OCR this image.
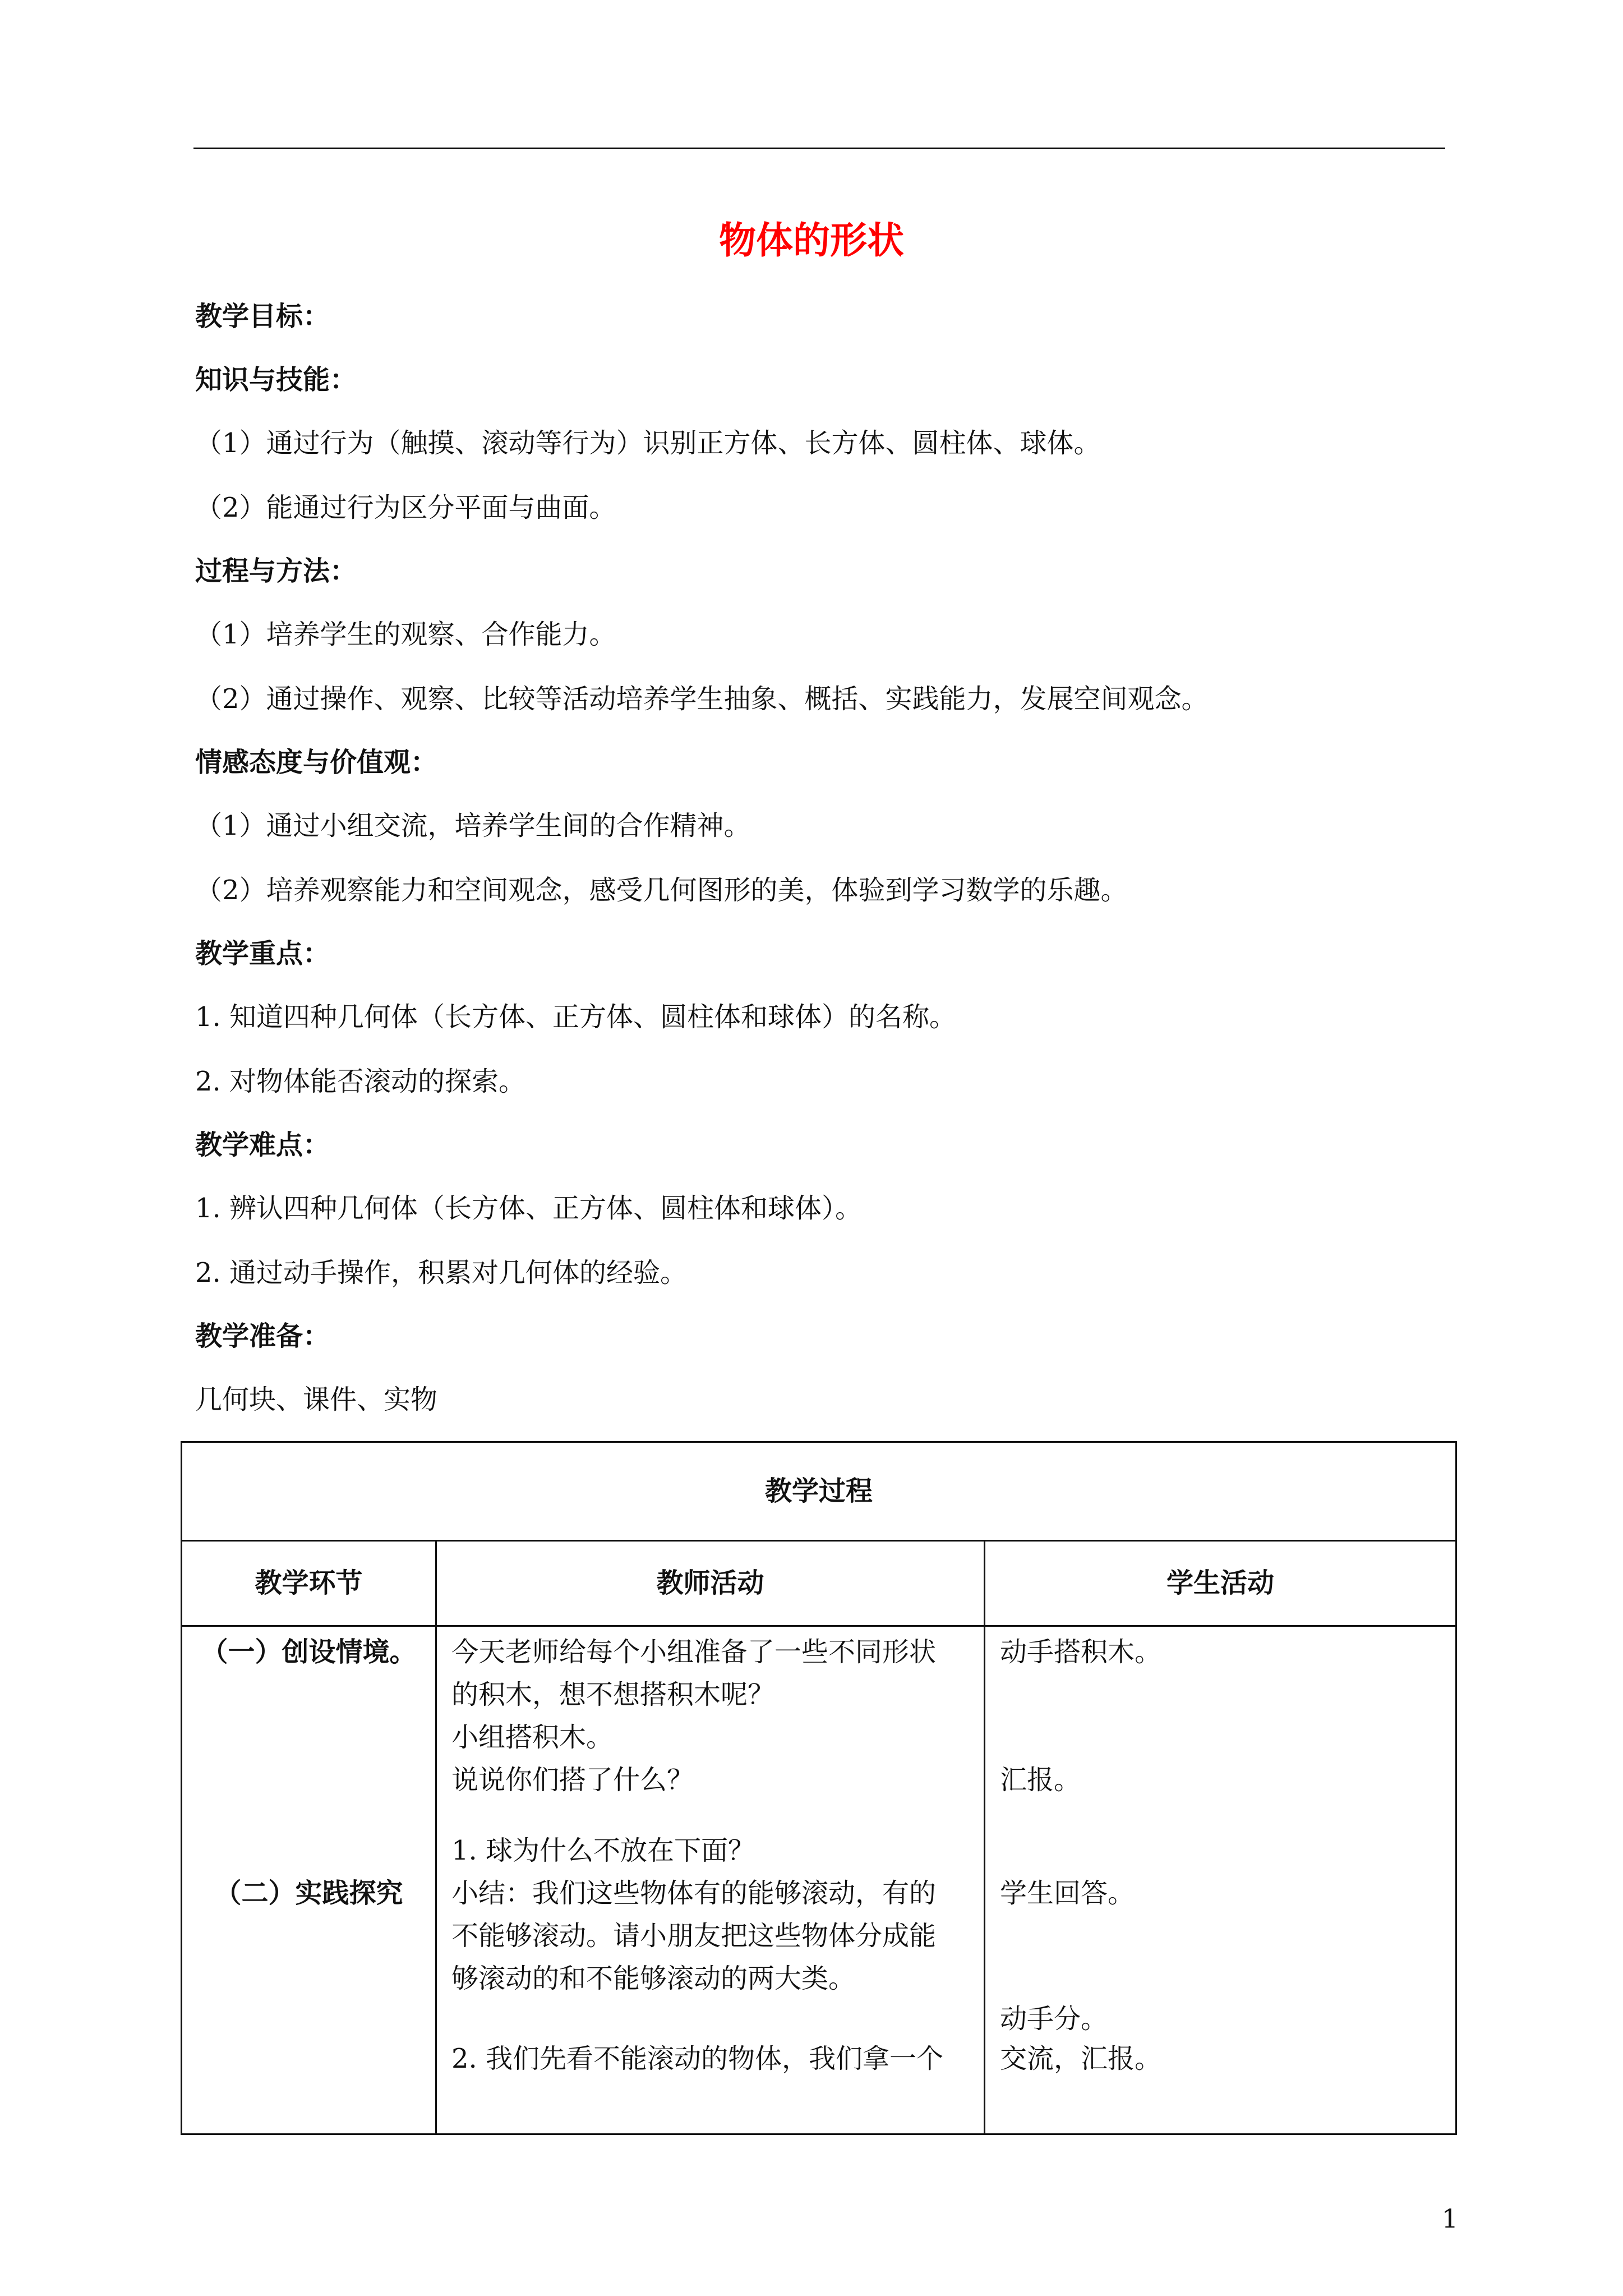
物体的形状
教学目标：
知识与技能：
（1）通过行为（触摸、滚动等行为）识别正方体、长方体、圆柱体、球体。
（2）能通过行为区分平面与曲面。
过程与方法：
（1）培养学生的观察、合作能力。
（2）通过操作、观察、比较等活动培养学生抽象、概括、实践能力，发展空间观念。
情感态度与价值观：
（1）通过小组交流，培养学生间的合作精神。
（2）培养观察能力和空间观念，感受几何图形的美，体验到学习数学的乐趣。
教学重点：
1. 知道四种几何体（长方体、正方体、圆柱体和球体）的名称。
2. 对物体能否滚动的探索。
教学难点：
1. 辨认四种几何体（长方体、正方体、圆柱体和球体）。
2. 通过动手操作，积累对几何体的经验。
教学准备：
几何块、课件、实物
教学过程
教学环节	教师活动	学生活动
（一）创设情境。
（二）实践探究
今天老师给每个小组准备了一些不同形状
的积木，想不想搭积木呢？
小组搭积木。
说说你们搭了什么？
1. 球为什么不放在下面？
小结：我们这些物体有的能够滚动，有的
不能够滚动。请小朋友把这些物体分成能
够滚动的和不能够滚动的两大类。
2. 我们先看不能滚动的物体，我们拿一个
动手搭积木。
汇报。
学生回答。
动手分。
交流，汇报。
1
